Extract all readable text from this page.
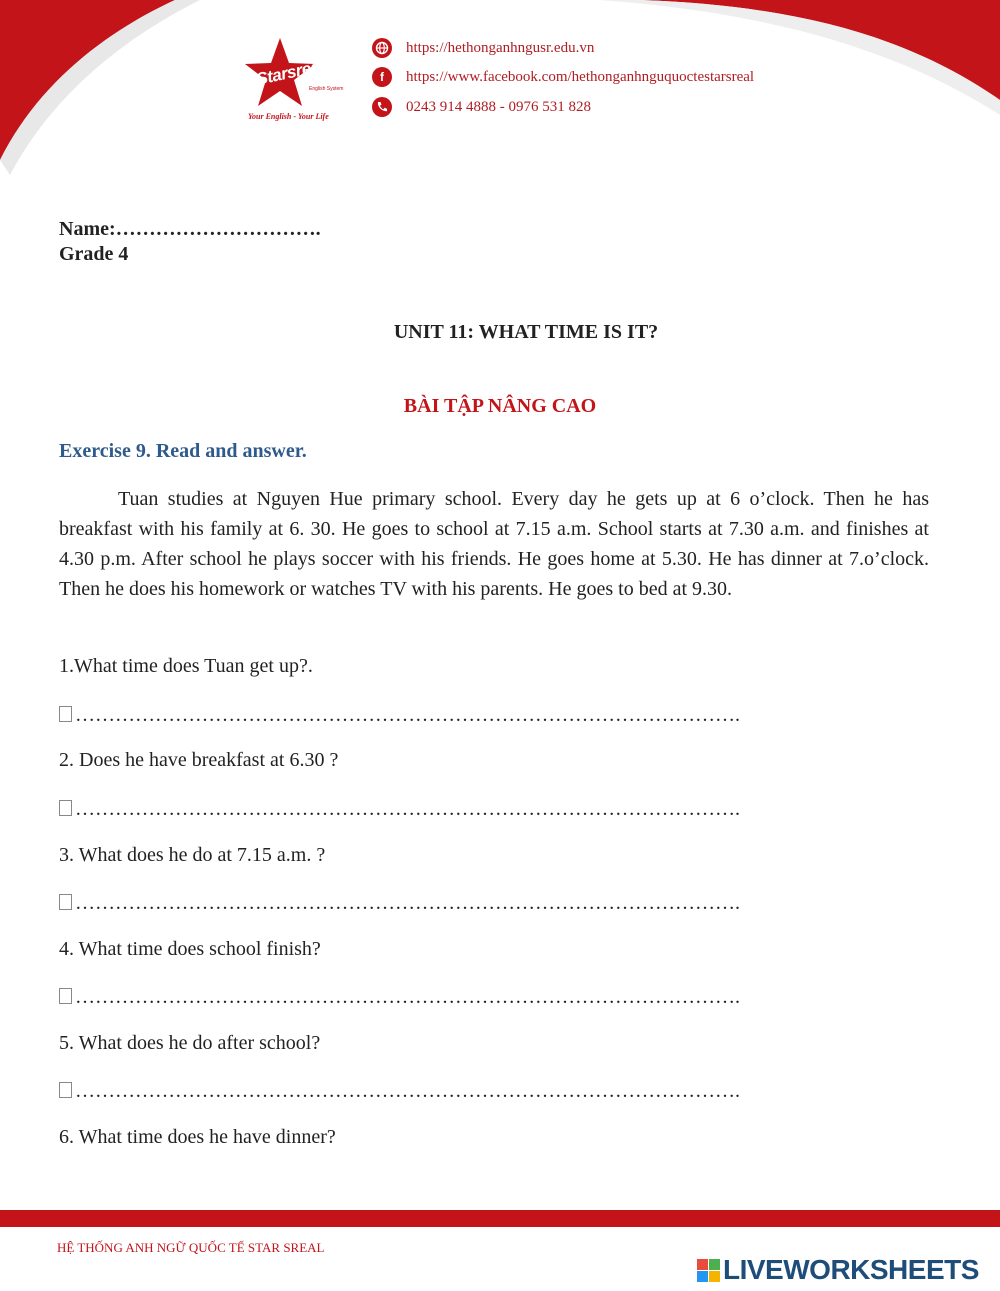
Starsreal
English System
Your English - Your Life
https://hethonganhngusr.edu.vn
f	https://www.facebook.com/hethonganhnguquoctestarsreal
0243 914 4888 - 0976 531 828
Name:………………………….
Grade 4
UNIT 11: WHAT TIME IS IT?
BÀI TẬP NÂNG CAO
Exercise 9. Read and answer.
Tuan studies at Nguyen Hue primary school. Every day he gets up at 6 o’clock. Then he has breakfast with his family at 6. 30. He goes to school at 7.15 a.m. School starts at 7.30 a.m. and finishes at 4.30 p.m. After school he plays soccer with his friends. He goes home at 5.30. He has dinner at 7.o’clock. Then he does his homework or watches TV with his parents. He goes to bed at 9.30.
1.What time does Tuan get up?.
……………………………………………………………………………………….
2. Does he have breakfast at 6.30 ?
……………………………………………………………………………………….
3. What does he do at 7.15 a.m. ?
……………………………………………………………………………………….
4. What time does school finish?
……………………………………………………………………………………….
5. What does he do after school?
……………………………………………………………………………………….
6. What time does he have dinner?
HỆ THỐNG ANH NGỮ QUỐC TẾ STAR SREAL
LIVEWORKSHEETS
